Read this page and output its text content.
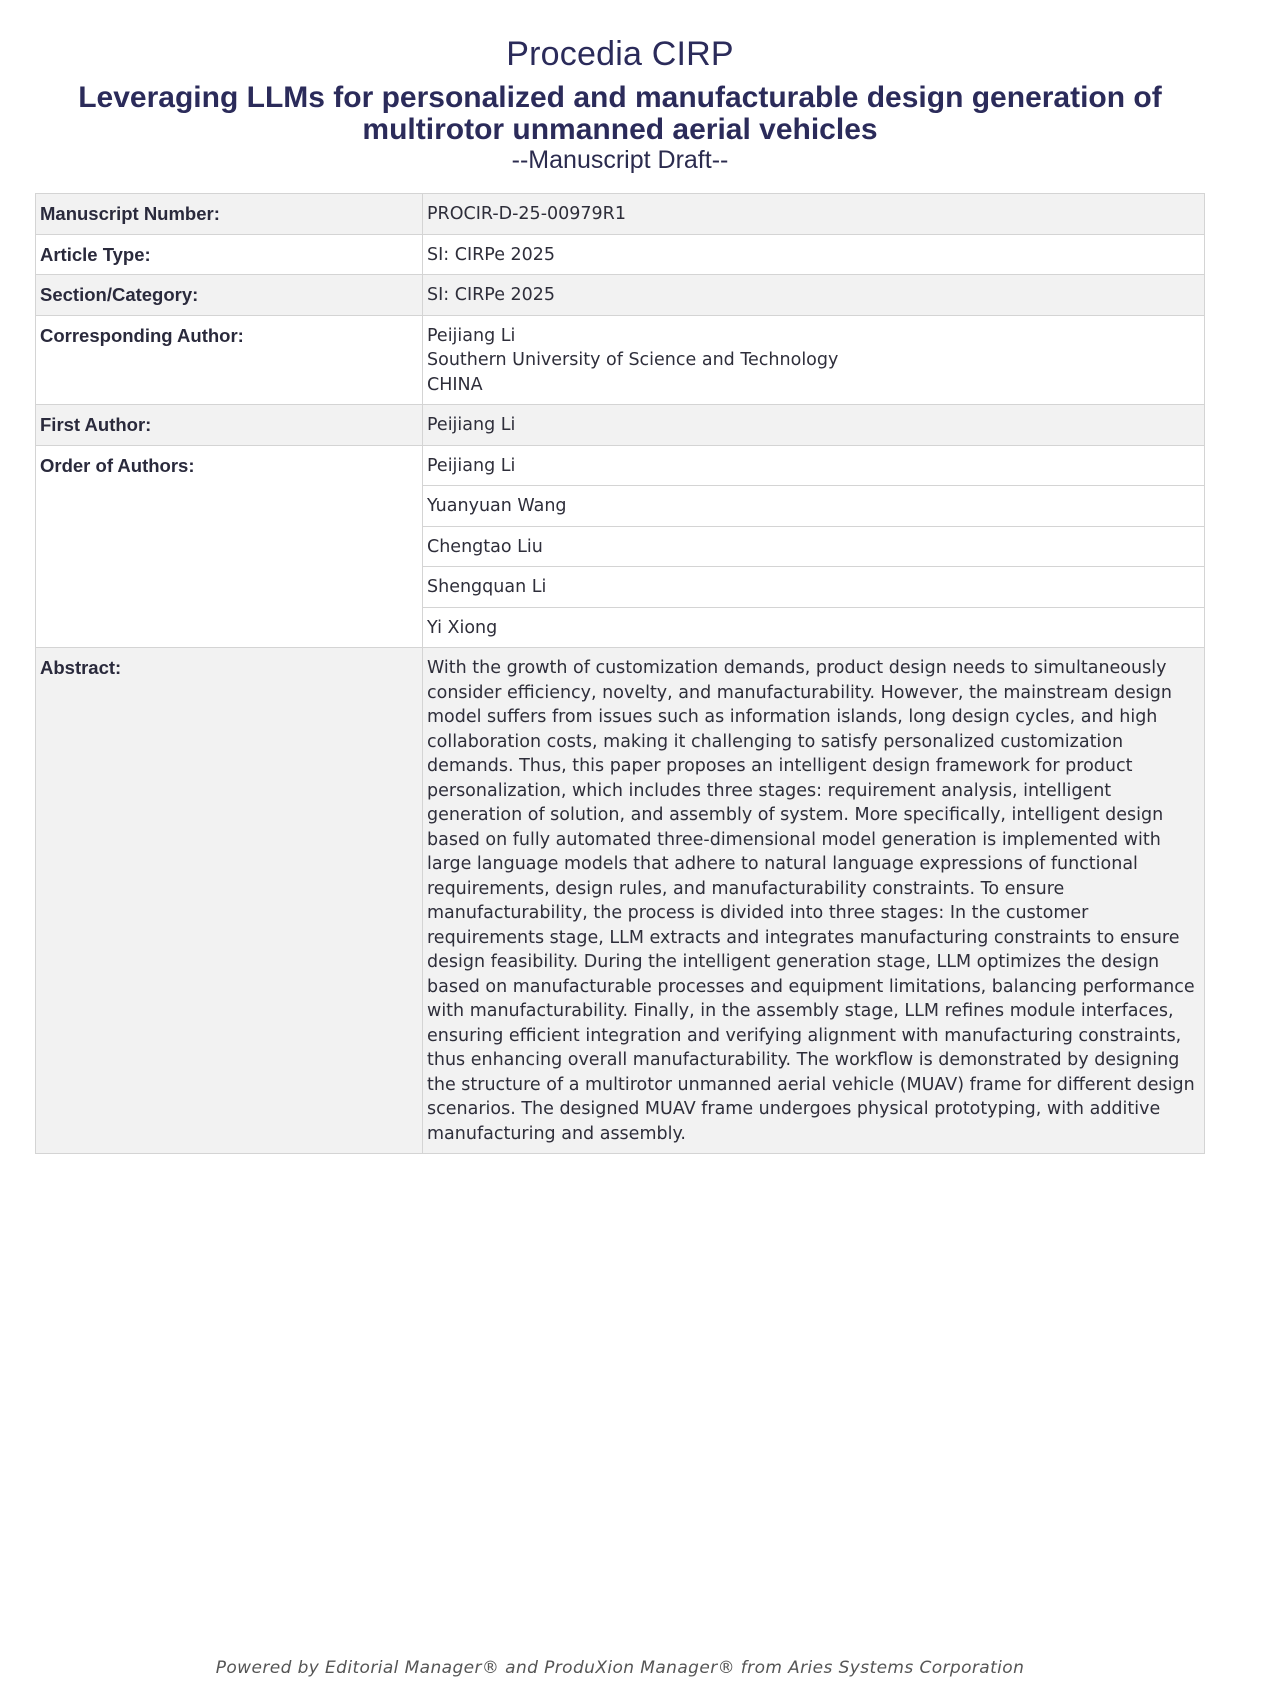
Procedia CIRP
Leveraging LLMs for personalized and manufacturable design generation of multirotor unmanned aerial vehicles
--Manuscript Draft--
Manuscript Number:	PROCIR-D-25-00979R1
Article Type:	SI: CIRPe 2025
Section/Category:	SI: CIRPe 2025
Corresponding Author:	Peijiang Li
Southern University of Science and Technology
CHINA

First Author:	Peijiang Li
Order of Authors:	Peijiang Li
	Yuanyuan Wang
	Chengtao Liu
	Shengquan Li
	Yi Xiong
Abstract:	With the growth of customization demands, product design needs to simultaneously consider efficiency, novelty, and manufacturability. However, the mainstream design model suffers from issues such as information islands, long design cycles, and high collaboration costs, making it challenging to satisfy personalized customization demands. Thus, this paper proposes an intelligent design framework for product personalization, which includes three stages: requirement analysis, intelligent generation of solution, and assembly of system. More specifically, intelligent design based on fully automated three-dimensional model generation is implemented with large language models that adhere to natural language expressions of functional requirements, design rules, and manufacturability constraints. To ensure manufacturability, the process is divided into three stages: In the customer requirements stage, LLM extracts and integrates manufacturing constraints to ensure design feasibility. During the intelligent generation stage, LLM optimizes the design based on manufacturable processes and equipment limitations, balancing performance with manufacturability. Finally, in the assembly stage, LLM refines module interfaces, ensuring efficient integration and verifying alignment with manufacturing constraints, thus enhancing overall manufacturability. The workflow is demonstrated by designing the structure of a multirotor unmanned aerial vehicle (MUAV) frame for different design scenarios. The designed MUAV frame undergoes physical prototyping, with additive manufacturing and assembly.
Powered by Editorial Manager® and ProduXion Manager® from Aries Systems Corporation
